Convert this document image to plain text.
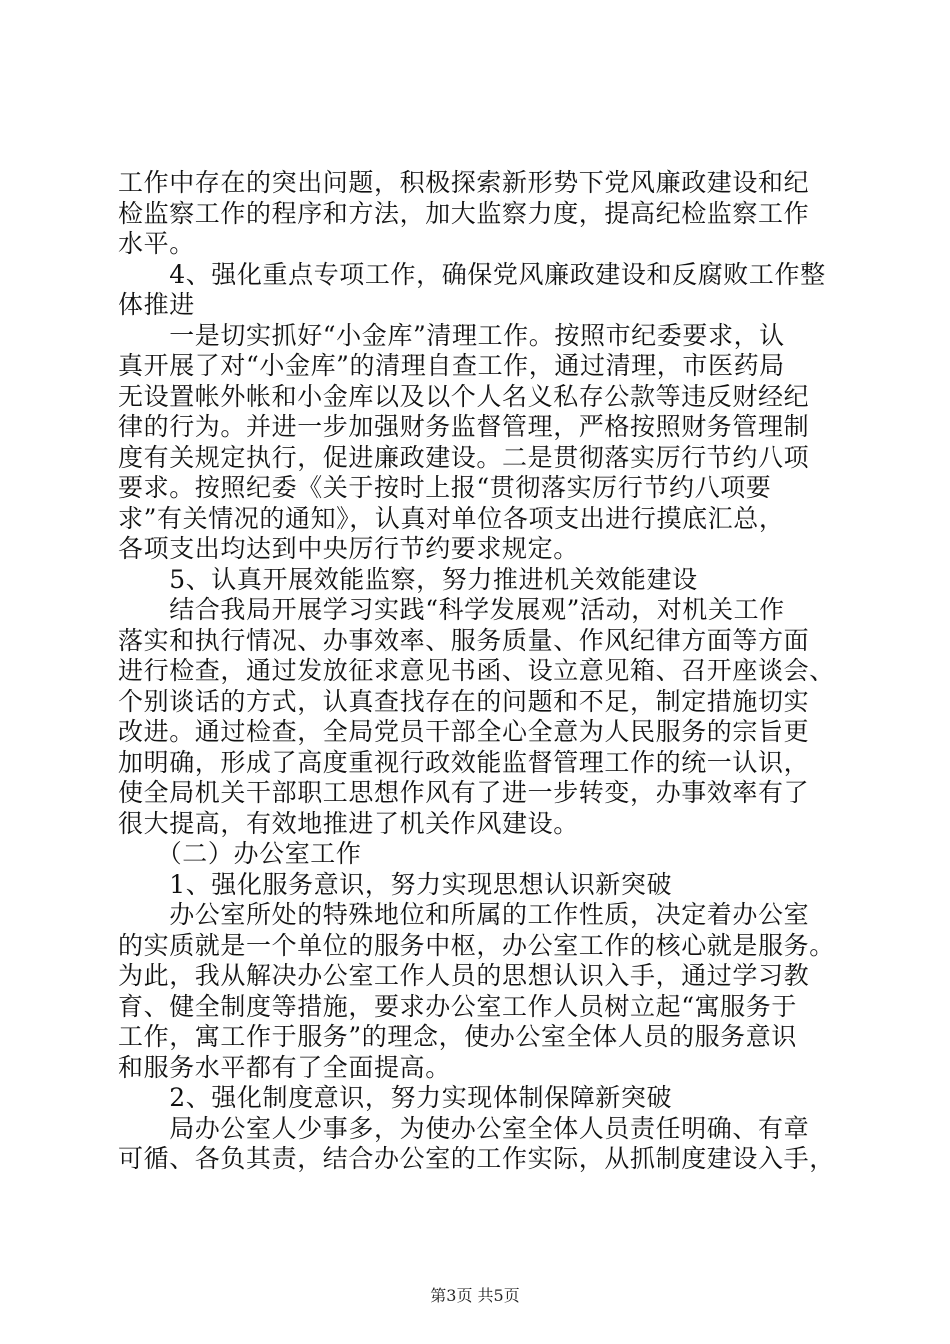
工作中存在的突出问题，积极探索新形势下党风廉政建设和纪
检监察工作的程序和方法，加大监察力度，提高纪检监察工作
水平。
　　4、强化重点专项工作，确保党风廉政建设和反腐败工作整
体推进
　　一是切实抓好“小金库”清理工作。按照市纪委要求，认
真开展了对“小金库”的清理自查工作，通过清理，市医药局
无设置帐外帐和小金库以及以个人名义私存公款等违反财经纪
律的行为。并进一步加强财务监督管理，严格按照财务管理制
度有关规定执行，促进廉政建设。二是贯彻落实厉行节约八项
要求。按照纪委《关于按时上报“贯彻落实厉行节约八项要
求”有关情况的通知》，认真对单位各项支出进行摸底汇总，
各项支出均达到中央厉行节约要求规定。
　　5、认真开展效能监察，努力推进机关效能建设
　　结合我局开展学习实践“科学发展观”活动，对机关工作
落实和执行情况、办事效率、服务质量、作风纪律方面等方面
进行检查，通过发放征求意见书函、设立意见箱、召开座谈会、
个别谈话的方式，认真查找存在的问题和不足，制定措施切实
改进。通过检查，全局党员干部全心全意为人民服务的宗旨更
加明确，形成了高度重视行政效能监督管理工作的统一认识，
使全局机关干部职工思想作风有了进一步转变，办事效率有了
很大提高，有效地推进了机关作风建设。
　　（二）办公室工作
　　1、强化服务意识，努力实现思想认识新突破
　　办公室所处的特殊地位和所属的工作性质，决定着办公室
的实质就是一个单位的服务中枢，办公室工作的核心就是服务。
为此，我从解决办公室工作人员的思想认识入手，通过学习教
育、健全制度等措施，要求办公室工作人员树立起“寓服务于
工作，寓工作于服务”的理念，使办公室全体人员的服务意识
和服务水平都有了全面提高。
　　2、强化制度意识，努力实现体制保障新突破
　　局办公室人少事多，为使办公室全体人员责任明确、有章
可循、各负其责，结合办公室的工作实际，从抓制度建设入手，
第3页 共5页
